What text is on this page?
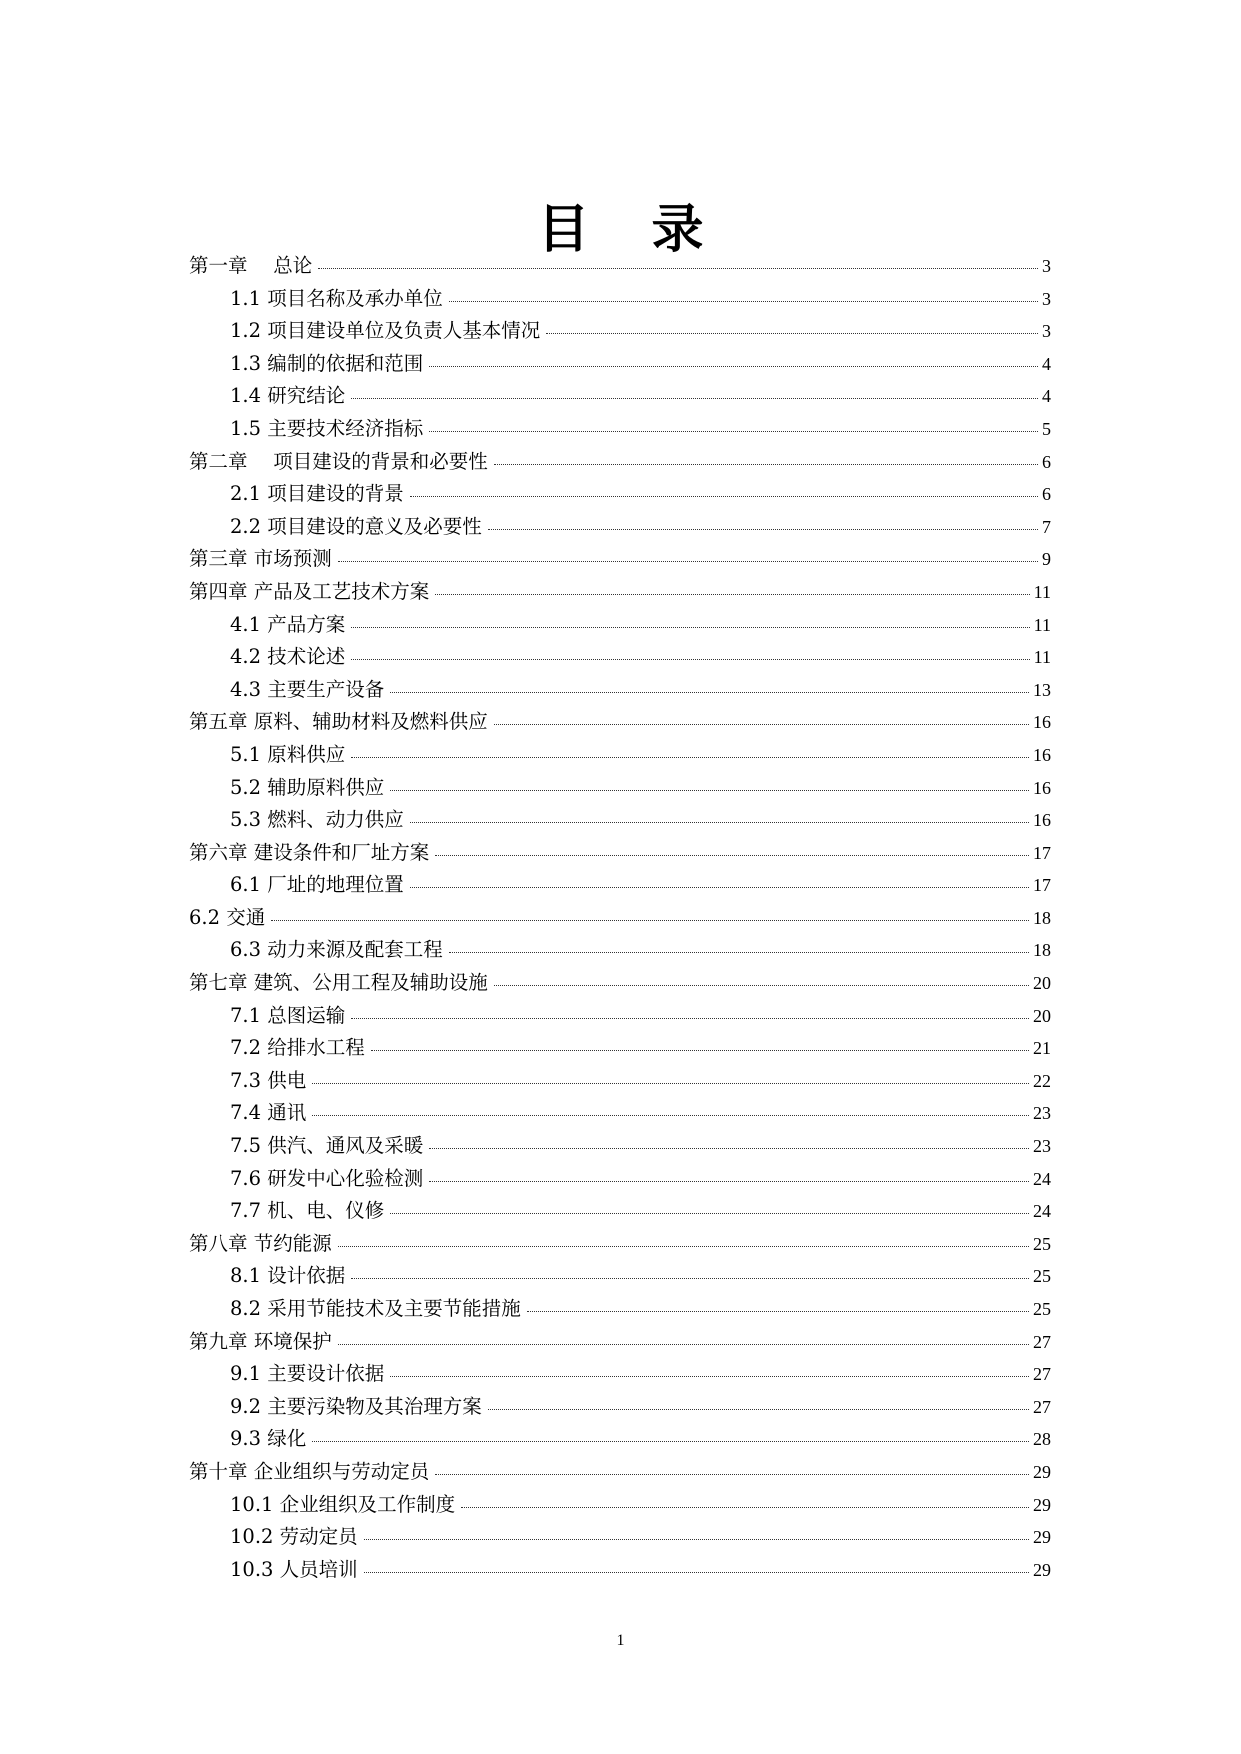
目 录
第一章　 总论	3
1.1 项目名称及承办单位	3
1.2 项目建设单位及负责人基本情况	3
1.3 编制的依据和范围	4
1.4 研究结论	4
1.5 主要技术经济指标	5
第二章　 项目建设的背景和必要性	6
2.1 项目建设的背景	6
2.2 项目建设的意义及必要性	7
第三章 市场预测	9
第四章 产品及工艺技术方案	11
4.1 产品方案	11
4.2 技术论述	11
4.3 主要生产设备	13
第五章 原料、辅助材料及燃料供应	16
5.1 原料供应	16
5.2 辅助原料供应	16
5.3 燃料、动力供应	16
第六章 建设条件和厂址方案	17
6.1 厂址的地理位置	17
6.2 交通	18
6.3 动力来源及配套工程	18
第七章 建筑、公用工程及辅助设施	20
7.1 总图运输	20
7.2 给排水工程	21
7.3 供电	22
7.4 通讯	23
7.5 供汽、通风及采暖	23
7.6 研发中心化验检测	24
7.7 机、电、仪修	24
第八章 节约能源	25
8.1 设计依据	25
8.2 采用节能技术及主要节能措施	25
第九章 环境保护	27
9.1 主要设计依据	27
9.2 主要污染物及其治理方案	27
9.3 绿化	28
第十章 企业组织与劳动定员	29
10.1 企业组织及工作制度	29
10.2 劳动定员	29
10.3 人员培训	29
1
